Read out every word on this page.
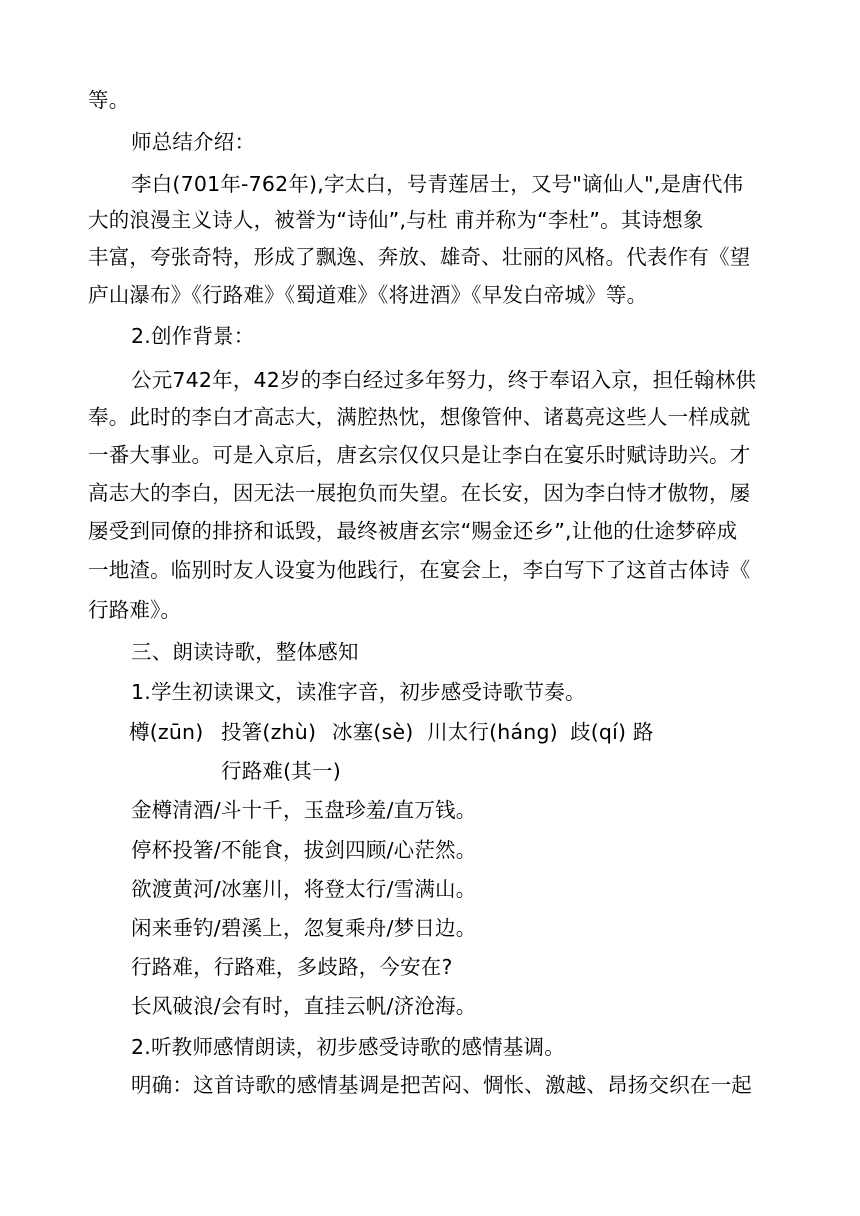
等。
师总结介绍：
李白(701年-762年),字太白，号青莲居士，又号"谪仙人",是唐代伟
大的浪漫主义诗人，被誉为“诗仙”,与杜 甫并称为“李杜”。其诗想象
丰富，夸张奇特，形成了飘逸、奔放、雄奇、壮丽的风格。代表作有《望
庐山瀑布》《行路难》《蜀道难》《将进酒》《早发白帝城》等。
2.创作背景：
公元742年，42岁的李白经过多年努力，终于奉诏入京，担任翰林供
奉。此时的李白才高志大，满腔热忱，想像管仲、诸葛亮这些人一样成就
一番大事业。可是入京后，唐玄宗仅仅只是让李白在宴乐时赋诗助兴。才
高志大的李白，因无法一展抱负而失望。在长安，因为李白恃才傲物，屡
屡受到同僚的排挤和诋毁，最终被唐玄宗“赐金还乡”,让他的仕途梦碎成
一地渣。临别时友人设宴为他践行，在宴会上，李白写下了这首古体诗《
行路难》。
三、朗读诗歌，整体感知
1.学生初读课文，读准字音，初步感受诗歌节奏。
樽(zūn) 投箸(zhù) 冰塞(sè) 川太行(háng) 歧(qí) 路
行路难(其一)
金樽清酒/斗十千，玉盘珍羞/直万钱。
停杯投箸/不能食，拔剑四顾/心茫然。
欲渡黄河/冰塞川，将登太行/雪满山。
闲来垂钓/碧溪上，忽复乘舟/梦日边。
行路难，行路难，多歧路，今安在?
长风破浪/会有时，直挂云帆/济沧海。
2.听教师感情朗读，初步感受诗歌的感情基调。
明确：这首诗歌的感情基调是把苦闷、惆怅、激越、昂扬交织在一起
